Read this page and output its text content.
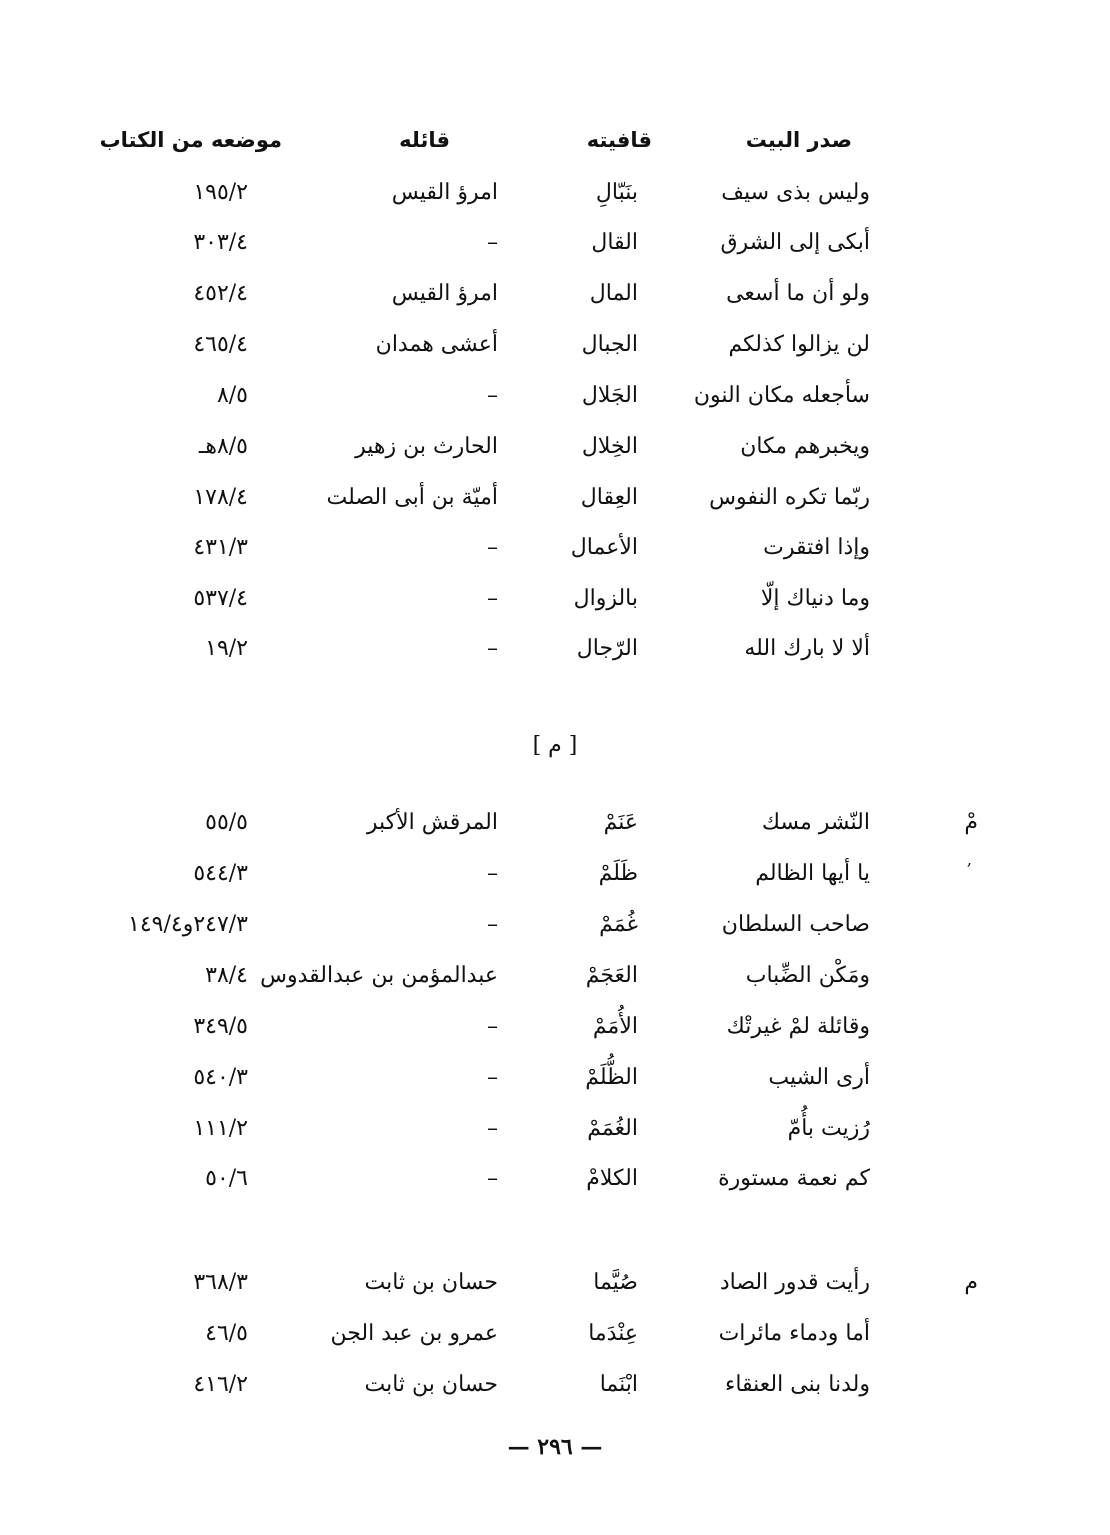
صدر البيت
قافيته
قائله
موضعه من الكتاب
وليس بذى سيف
بنَبّالِ
امرؤ القيس
١٩٥/٢
أبكى إلى الشرق
القال
–
٣٠٣/٤
ولو أن ما أسعى
المال
امرؤ القيس
٤٥٢/٤
لن يزالوا كذلكم
الجبال
أعشى همدان
٤٦٥/٤
سأجعله مكان النون
الجَلال
–
٨/٥
ويخبرهم مكان
الخِلال
الحارث بن زهير
٨/٥هـ
ربّما تكره النفوس
العِقال
أميّة بن أبى الصلت
١٧٨/٤
وإذا افتقرت
الأعمال
–
٤٣١/٣
وما دنياك إلّا
بالزوال
–
٥٣٧/٤
ألا لا بارك الله
الرّجال
–
١٩/٢
[ م ]
مْ
النّشر مسك
عَنَمْ
المرقش الأكبر
٥٥/٥
,
يا أيها الظالم
ظَلَمْ
–
٥٤٤/٣
صاحب السلطان
غُمَمْ
–
٢٤٧/٣و١٤٩/٤
ومَكْن الضِّباب
العَجَمْ
عبدالمؤمن بن عبدالقدوس
٣٨/٤
وقائلة لمْ غيرتْك
الأُمَمْ
–
٣٤٩/٥
أرى الشيب
الظُّلَمْ
–
٥٤٠/٣
رُزيت بأُمّ
الغُمَمْ
–
١١١/٢
كم نعمة مستورة
الكلامْ
–
٥٠/٦
م
رأيت قدور الصاد
صُيَّما
حسان بن ثابت
٣٦٨/٣
أما ودماء مائرات
عِنْدَما
عمرو بن عبد الجن
٤٦/٥
ولدنا بنى العنقاء
ابْنَما
حسان بن ثابت
٤١٦/٢
— ٢٩٦ —
